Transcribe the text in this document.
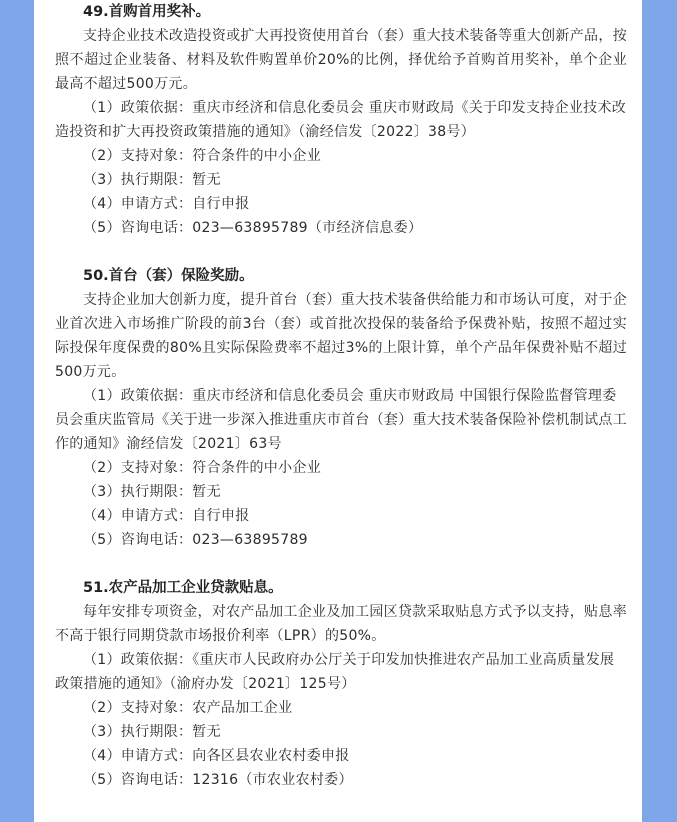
49.首购首用奖补。

支持企业技术改造投资或扩大再投资使用首台（套）重大技术装备等重大创新产品，按照不超过企业装备、材料及软件购置单价20%的比例，择优给予首购首用奖补，单个企业最高不超过500万元。

（1）政策依据：重庆市经济和信息化委员会 重庆市财政局《关于印发支持企业技术改造投资和扩大再投资政策措施的通知》（渝经信发〔2022〕38号）

（2）支持对象：符合条件的中小企业

（3）执行期限：暂无

（4）申请方式：自行申报

（5）咨询电话：023—63895789（市经济信息委）

50.首台（套）保险奖励。

支持企业加大创新力度，提升首台（套）重大技术装备供给能力和市场认可度，对于企业首次进入市场推广阶段的前3台（套）或首批次投保的装备给予保费补贴，按照不超过实际投保年度保费的80%且实际保险费率不超过3%的上限计算，单个产品年保费补贴不超过500万元。

（1）政策依据：重庆市经济和信息化委员会 重庆市财政局 中国银行保险监督管理委员会重庆监管局《关于进一步深入推进重庆市首台（套）重大技术装备保险补偿机制试点工作的通知》渝经信发〔2021〕63号

（2）支持对象：符合条件的中小企业

（3）执行期限：暂无

（4）申请方式：自行申报

（5）咨询电话：023—63895789

51.农产品加工企业贷款贴息。

每年安排专项资金，对农产品加工企业及加工园区贷款采取贴息方式予以支持，贴息率不高于银行同期贷款市场报价利率（LPR）的50%。

（1）政策依据：《重庆市人民政府办公厅关于印发加快推进农产品加工业高质量发展政策措施的通知》（渝府办发〔2021〕125号）

（2）支持对象：农产品加工企业

（3）执行期限：暂无

（4）申请方式：向各区县农业农村委申报

（5）咨询电话：12316（市农业农村委）
